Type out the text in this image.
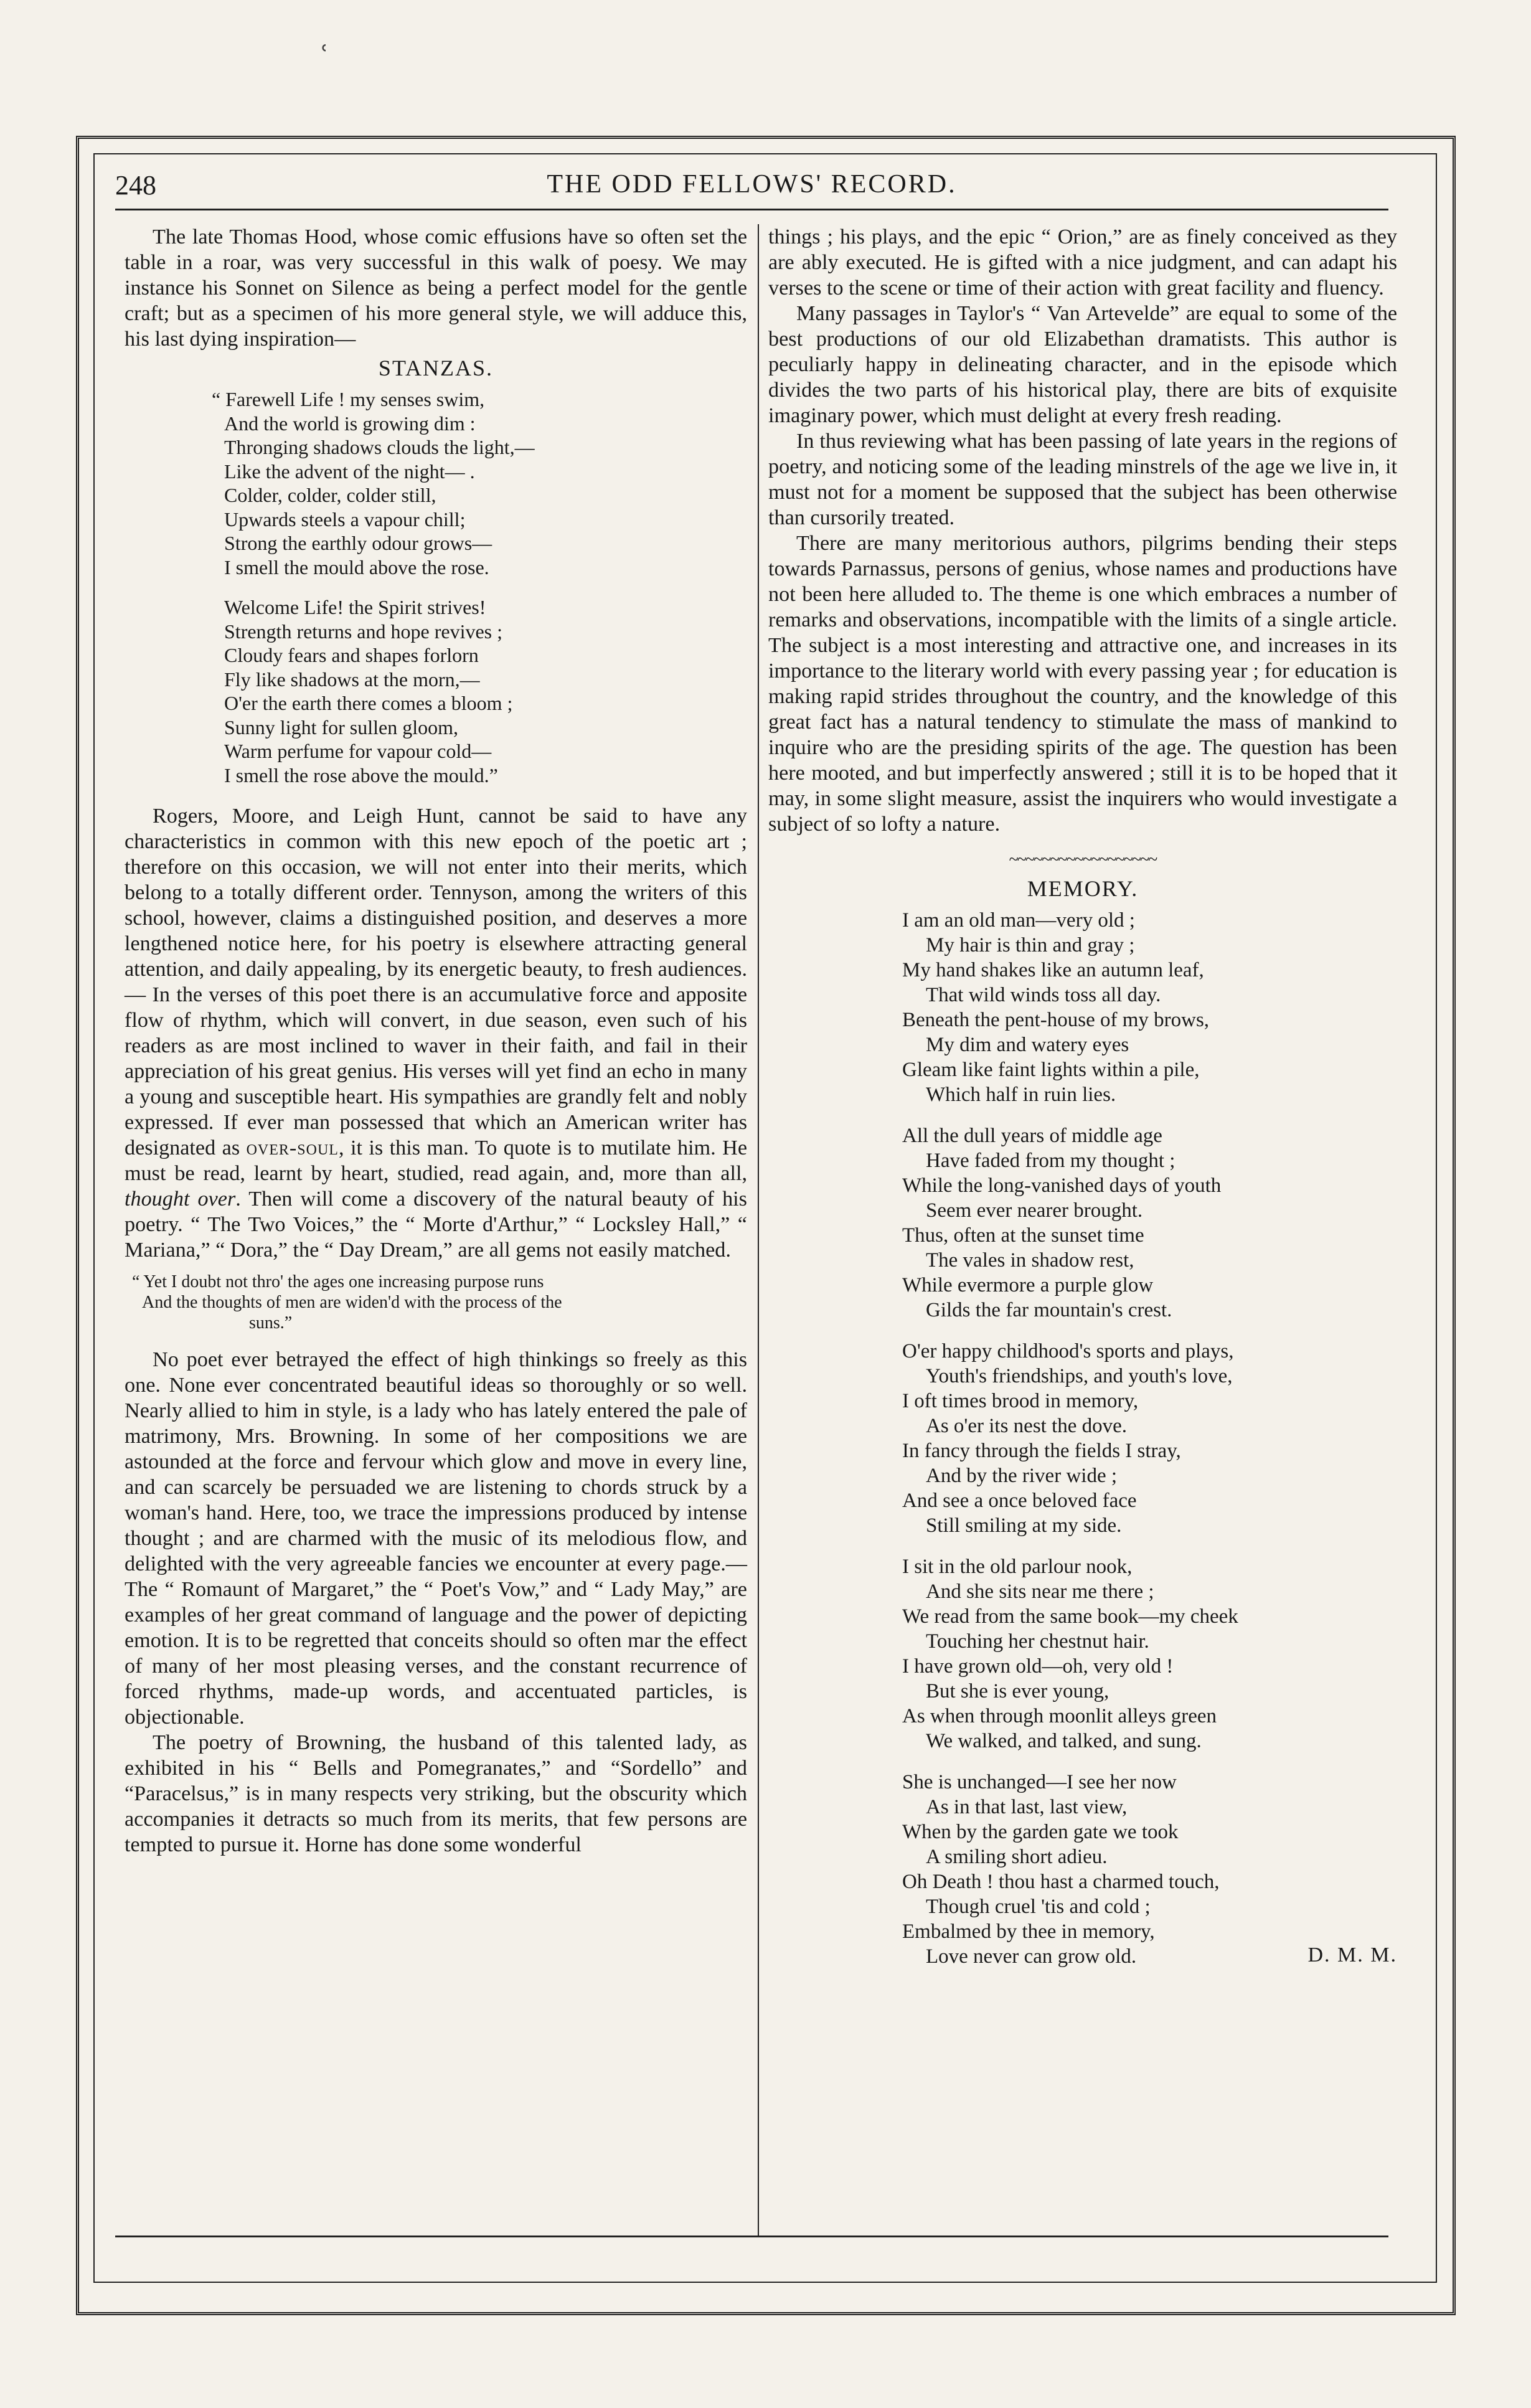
ʿ
248	THE ODD FELLOWS' RECORD.

The late Thomas Hood, whose comic effusions have so often set the table in a roar, was very successful in this walk of poesy. We may instance his Sonnet on Silence as being a perfect model for the gentle craft; but as a specimen of his more general style, we will adduce this, his last dying inspiration—

STANZAS.
“ Farewell Life ! my senses swim,
And the world is growing dim :
Thronging shadows clouds the light,—
Like the advent of the night— .
Colder, colder, colder still,
Upwards steels a vapour chill;
Strong the earthly odour grows—
I smell the mould above the rose.
Welcome Life! the Spirit strives!
Strength returns and hope revives ;
Cloudy fears and shapes forlorn
Fly like shadows at the morn,—
O'er the earth there comes a bloom ;
Sunny light for sullen gloom,
Warm perfume for vapour cold—
I smell the rose above the mould.”

Rogers, Moore, and Leigh Hunt, cannot be said to have any characteristics in common with this new epoch of the poetic art ; therefore on this occasion, we will not enter into their merits, which belong to a totally different order. Tennyson, among the writers of this school, however, claims a distinguished position, and deserves a more lengthened notice here, for his poetry is elsewhere attracting general attention, and daily appealing, by its energetic beauty, to fresh audiences.— In the verses of this poet there is an accumulative force and apposite flow of rhythm, which will convert, in due season, even such of his readers as are most inclined to waver in their faith, and fail in their appreciation of his great genius. His verses will yet find an echo in many a young and susceptible heart. His sympathies are grandly felt and nobly expressed. If ever man possessed that which an American writer has designated as over-soul, it is this man. To quote is to mutilate him. He must be read, learnt by heart, studied, read again, and, more than all, thought over. Then will come a discovery of the natural beauty of his poetry. “ The Two Voices,” the “ Morte d'Arthur,” “ Locksley Hall,” “ Mariana,” “ Dora,” the “ Day Dream,” are all gems not easily matched.

“ Yet I doubt not thro' the ages one increasing purpose runs
And the thoughts of men are widen'd with the process of the
suns.”

No poet ever betrayed the effect of high thinkings so freely as this one. None ever concentrated beautiful ideas so thoroughly or so well. Nearly allied to him in style, is a lady who has lately entered the pale of matrimony, Mrs. Browning. In some of her compositions we are astounded at the force and fervour which glow and move in every line, and can scarcely be persuaded we are listening to chords struck by a woman's hand. Here, too, we trace the impressions produced by intense thought ; and are charmed with the music of its melodious flow, and delighted with the very agreeable fancies we encounter at every page.— The “ Romaunt of Margaret,” the “ Poet's Vow,” and “ Lady May,” are examples of her great command of language and the power of depicting emotion. It is to be regretted that conceits should so often mar the effect of many of her most pleasing verses, and the constant recurrence of forced rhythms, made-up words, and accentuated particles, is objectionable.

The poetry of Browning, the husband of this talented lady, as exhibited in his “ Bells and Pomegranates,” and “Sordello” and “Paracelsus,” is in many respects very striking, but the obscurity which accompanies it detracts so much from its merits, that few persons are tempted to pursue it. Horne has done some wonderful

things ; his plays, and the epic “ Orion,” are as finely conceived as they are ably executed. He is gifted with a nice judgment, and can adapt his verses to the scene or time of their action with great facility and fluency.

Many passages in Taylor's “ Van Artevelde” are equal to some of the best productions of our old Elizabethan dramatists. This author is peculiarly happy in delineating character, and in the episode which divides the two parts of his historical play, there are bits of exquisite imaginary power, which must delight at every fresh reading.

In thus reviewing what has been passing of late years in the regions of poetry, and noticing some of the leading minstrels of the age we live in, it must not for a moment be supposed that the subject has been otherwise than cursorily treated.

There are many meritorious authors, pilgrims bending their steps towards Parnassus, persons of genius, whose names and productions have not been here alluded to. The theme is one which embraces a number of remarks and observations, incompatible with the limits of a single article. The subject is a most interesting and attractive one, and increases in its importance to the literary world with every passing year ; for education is making rapid strides throughout the country, and the knowledge of this great fact has a natural tendency to stimulate the mass of mankind to inquire who are the presiding spirits of the age. The question has been here mooted, and but imperfectly answered ; still it is to be hoped that it may, in some slight measure, assist the inquirers who would investigate a subject of so lofty a nature.

~~~~~~~~~~~~~~~~~~
MEMORY.
I am an old man—very old ;
My hair is thin and gray ;
My hand shakes like an autumn leaf,
That wild winds toss all day.
Beneath the pent-house of my brows,
My dim and watery eyes
Gleam like faint lights within a pile,
Which half in ruin lies.
All the dull years of middle age
Have faded from my thought ;
While the long-vanished days of youth
Seem ever nearer brought.
Thus, often at the sunset time
The vales in shadow rest,
While evermore a purple glow
Gilds the far mountain's crest.
O'er happy childhood's sports and plays,
Youth's friendships, and youth's love,
I oft times brood in memory,
As o'er its nest the dove.
In fancy through the fields I stray,
And by the river wide ;
And see a once beloved face
Still smiling at my side.
I sit in the old parlour nook,
And she sits near me there ;
We read from the same book—my cheek
Touching her chestnut hair.
I have grown old—oh, very old !
But she is ever young,
As when through moonlit alleys green
We walked, and talked, and sung.
She is unchanged—I see her now
As in that last, last view,
When by the garden gate we took
A smiling short adieu.
Oh Death ! thou hast a charmed touch,
Though cruel 'tis and cold ;
Embalmed by thee in memory,
Love never can grow old.	D. M. M.
